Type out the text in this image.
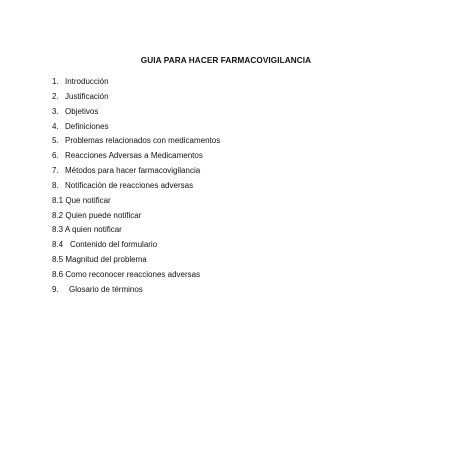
GUIA PARA HACER FARMACOVIGILANCIA
1. Introducción
2. Justificación
3. Objetivos
4. Definiciones
5. Problemas relacionados con medicamentos
6. Reacciones Adversas a Medicamentos
7. Métodos para hacer farmacovigilancia
8. Notificación de reacciones adversas
8.1 Que notificar
8.2 Quien puede notificar
8.3 A quien notificar
8.4 Contenido del formulario
8.5 Magnitud del problema
8.6 Como reconocer reacciones adversas
9. Glosario de términos
